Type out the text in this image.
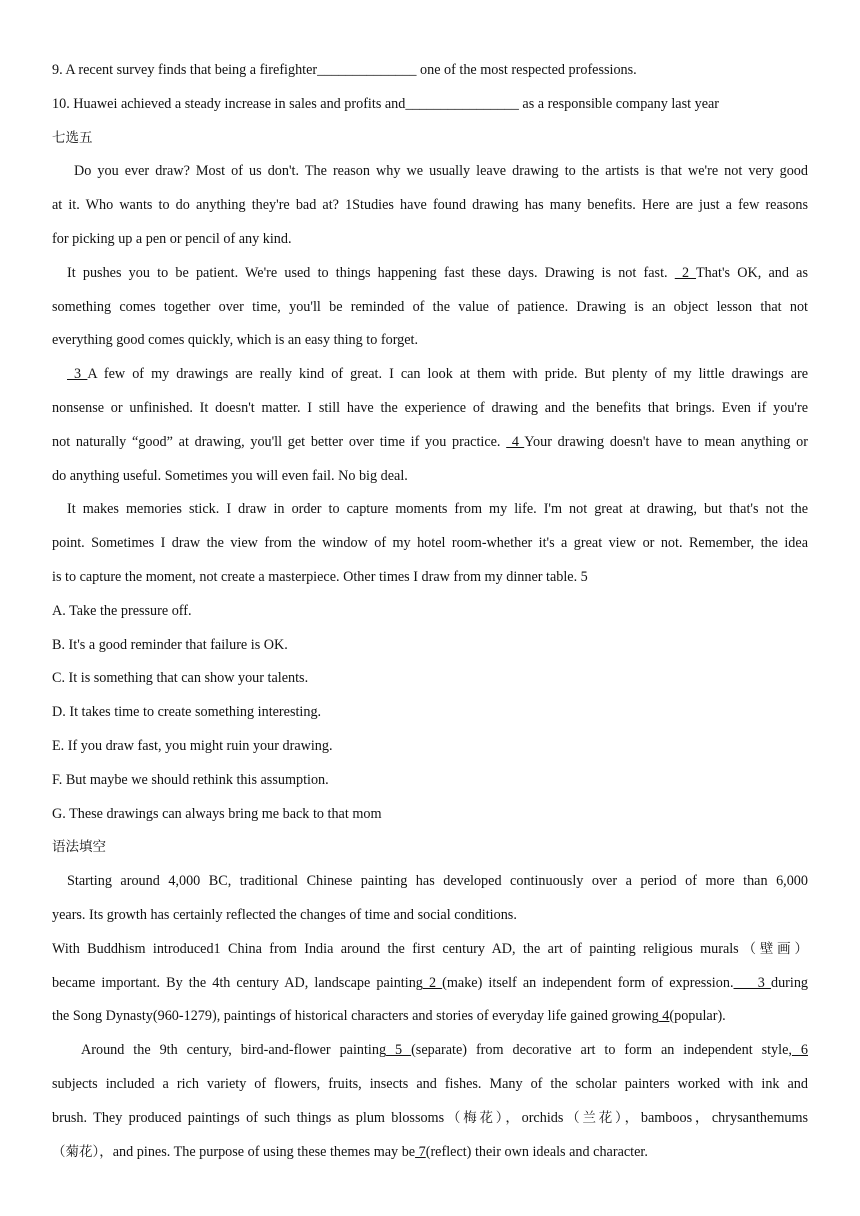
9. A recent survey finds that being a firefighter______________ one of the most respected professions.
10. Huawei achieved a steady increase in sales and profits and________________ as a responsible company last year
七选五
Do you ever draw? Most of us don't. The reason why we usually leave drawing to the artists is that we're not very good
at it. Who wants to do anything they're bad at? 1Studies have found drawing has many benefits. Here are just a few reasons
for picking up a pen or pencil of any kind.
It pushes you to be patient. We're used to things happening fast these days. Drawing is not fast.  2 That's OK, and as
something comes together over time, you'll be reminded of the value of patience. Drawing is an object lesson that not
everything good comes quickly, which is an easy thing to forget.
3 A few of my drawings are really kind of great. I can look at them with pride. But plenty of my little drawings are
nonsense or unfinished. It doesn't matter. I still have the experience of drawing and the benefits that brings. Even if you're
not naturally “good” at drawing, you'll get better over time if you practice.  4 Your drawing doesn't have to mean anything or
do anything useful. Sometimes you will even fail. No big deal.
It makes memories stick. I draw in order to capture moments from my life. I'm not great at drawing, but that's not the
point. Sometimes I draw the view from the window of my hotel room-whether it's a great view or not. Remember, the idea
is to capture the moment, not create a masterpiece. Other times I draw from my dinner table. 5
A. Take the pressure off.
B. It's a good reminder that failure is OK.
C. It is something that can show your talents.
D. It takes time to create something interesting.
E. If you draw fast, you might ruin your drawing.
F. But maybe we should rethink this assumption.
G. These drawings can always bring me back to that mom
语法填空
Starting around 4,000 BC, traditional Chinese painting has developed continuously over a period of more than 6,000
years. Its growth has certainly reflected the changes of time and social conditions.
With Buddhism introduced1 China from India around the first century AD, the art of painting religious murals（壁画）
became important. By the 4th century AD, landscape painting 2 (make) itself an independent form of expression.    3 during
the Song Dynasty(960-1279), paintings of historical characters and stories of everyday life gained growing 4(popular).
Around the 9th century, bird-and-flower painting 5 (separate) from decorative art to form an independent style, 6
subjects included a rich variety of flowers, fruits, insects and fishes. Many of the scholar painters worked with ink and
brush. They produced paintings of such things as plum blossoms（梅花），orchids（兰花），bamboos，chrysanthemums
（菊花），and pines. The purpose of using these themes may be 7(reflect) their own ideals and character.
